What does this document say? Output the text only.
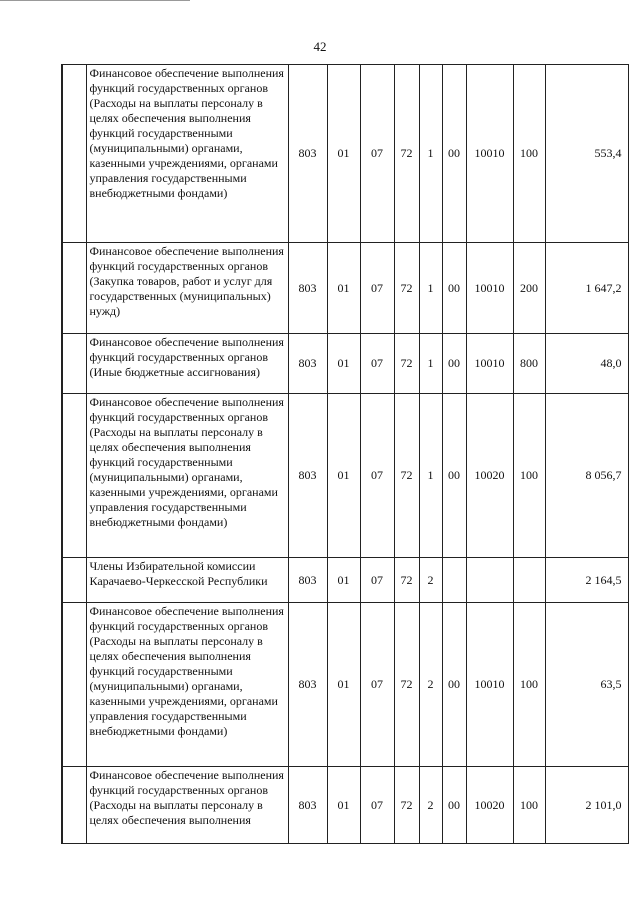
42
	Финансовое обеспечение выполнения функций государственных органов (Расходы на выплаты персоналу в целях обеспечения выполнения функций государственными (муниципальными) органами, казенными учреждениями, органами управления государственными внебюджетными фондами)	803	01	07	72	1	00	10010	100	553,4
	Финансовое обеспечение выполнения функций государственных органов (Закупка товаров, работ и услуг для государственных (муниципальных) нужд)	803	01	07	72	1	00	10010	200	1 647,2
	Финансовое обеспечение выполнения функций государственных органов (Иные бюджетные ассигнования)	803	01	07	72	1	00	10010	800	48,0
	Финансовое обеспечение выполнения функций государственных органов (Расходы на выплаты персоналу в целях обеспечения выполнения функций государственными (муниципальными) органами, казенными учреждениями, органами управления государственными внебюджетными фондами)	803	01	07	72	1	00	10020	100	8 056,7
	Члены Избирательной комиссии Карачаево-Черкесской Республики	803	01	07	72	2				2 164,5
	Финансовое обеспечение выполнения функций государственных органов (Расходы на выплаты персоналу в целях обеспечения выполнения функций государственными (муниципальными) органами, казенными учреждениями, органами управления государственными внебюджетными фондами)	803	01	07	72	2	00	10010	100	63,5
	Финансовое обеспечение выполнения функций государственных органов (Расходы на выплаты персоналу в целях обеспечения выполнения	803	01	07	72	2	00	10020	100	2 101,0
